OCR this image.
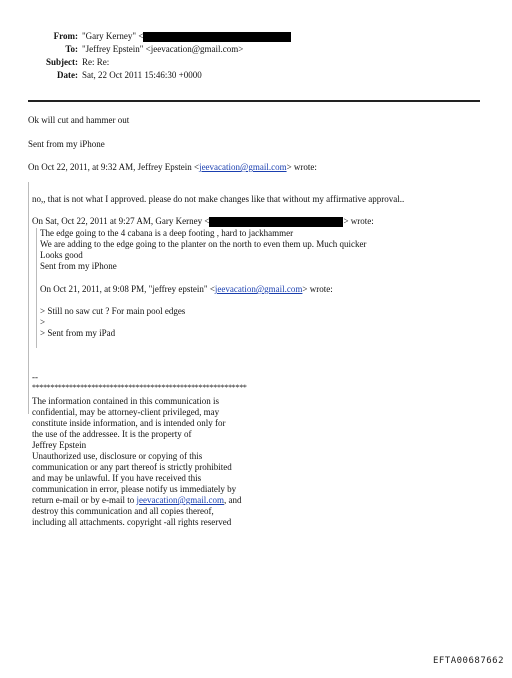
From: "Gary Kerney" <
To: "Jeffrey Epstein" <jeevacation@gmail.com>
Subject: Re: Re:
Date: Sat, 22 Oct 2011 15:46:30 +0000
Ok will cut and hammer out
Sent from my iPhone
On Oct 22, 2011, at 9:32 AM, Jeffrey Epstein <jeevacation@gmail.com> wrote:
no,, that is not what I approved. please do not make changes like that without my affirmative approval..
On Sat, Oct 22, 2011 at 9:27 AM, Gary Kerney <	> wrote:
The edge going to the 4 cabana is a deep footing , hard to jackhammer
We are adding to the edge going to the planter on the north to even them up. Much quicker
Looks good
Sent from my iPhone
On Oct 21, 2011, at 9:08 PM, "jeffrey epstein" <jeevacation@gmail.com> wrote:
> Still no saw cut ? For main pool edges
>
> Sent from my iPad
--
**********************************************************
The information contained in this communication is
confidential, may be attorney-client privileged, may
constitute inside information, and is intended only for
the use of the addressee. It is the property of
Jeffrey Epstein
Unauthorized use, disclosure or copying of this
communication or any part thereof is strictly prohibited
and may be unlawful. If you have received this
communication in error, please notify us immediately by
return e-mail or by e-mail to jeevacation@gmail.com, and
destroy this communication and all copies thereof,
including all attachments. copyright -all rights reserved
EFTA00687662
